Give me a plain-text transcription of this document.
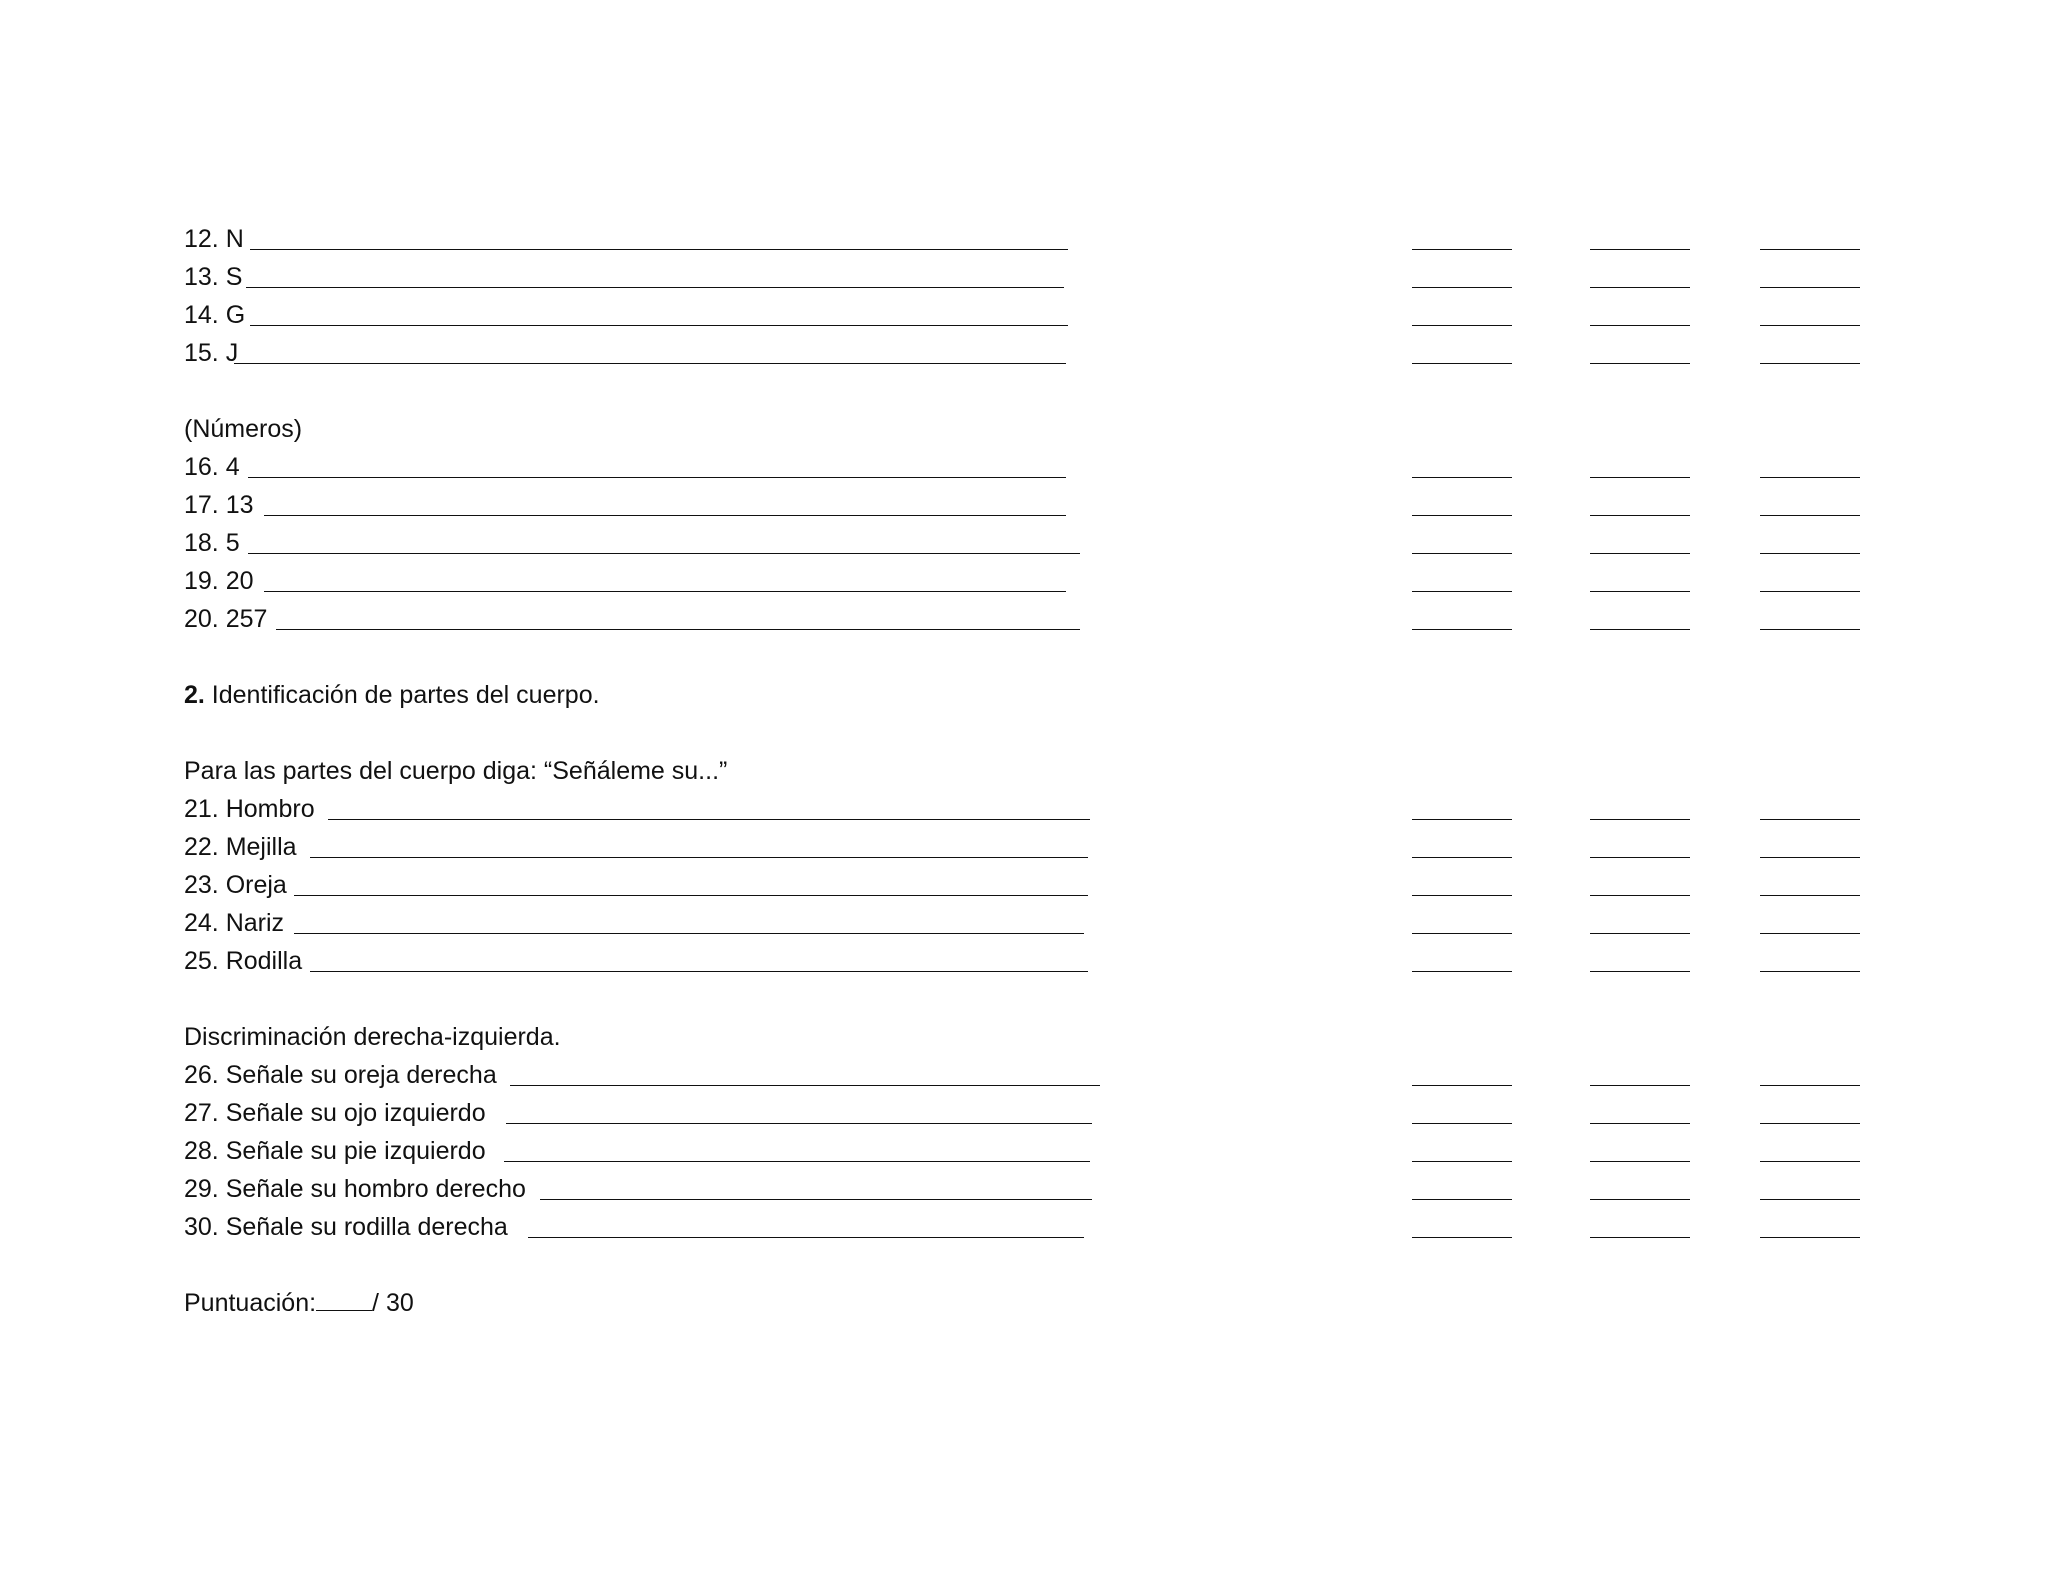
12. N
13. S
14. G
15. J
(Números)
16. 4
17. 13
18. 5
19. 20
20. 257
2. Identificación de partes del cuerpo.
Para las partes del cuerpo diga: “Señáleme su...”
21. Hombro
22. Mejilla
23. Oreja
24. Nariz
25. Rodilla
Discriminación derecha-izquierda.
26. Señale su oreja derecha
27. Señale su ojo izquierdo
28. Señale su pie izquierdo
29. Señale su hombro derecho
30. Señale su rodilla derecha
Puntuación: / 30
